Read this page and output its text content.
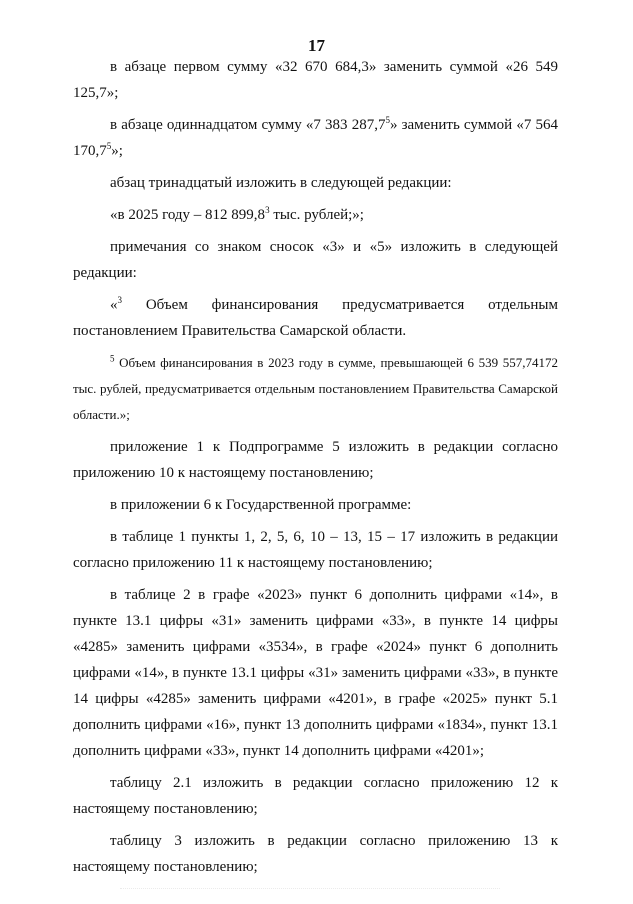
17

в абзаце первом сумму «32 670 684,3» заменить суммой «26 549 125,7»;

в абзаце одиннадцатом сумму «7 383 287,7$^5$» заменить суммой «7 564 170,7$^5$»;

абзац тринадцатый изложить в следующей редакции:

«в 2025 году – 812 899,8$^3$ тыс. рублей;»;

примечания со знаком сносок «3» и «5» изложить в следующей редакции:

«$^3$ Объем финансирования предусматривается отдельным постановлением Правительства Самарской области.

$^5$ Объем финансирования в 2023 году в сумме, превышающей 6 539 557,74172 тыс. рублей, предусматривается отдельным постановлением Правительства Самарской области.»;

приложение 1 к Подпрограмме 5 изложить в редакции согласно приложению 10 к настоящему постановлению;

в приложении 6 к Государственной программе:

в таблице 1 пункты 1, 2, 5, 6, 10 – 13, 15 – 17 изложить в редакции согласно приложению 11 к настоящему постановлению;

в таблице 2 в графе «2023» пункт 6 дополнить цифрами «14», в пункте 13.1 цифры «31» заменить цифрами «33», в пункте 14 цифры «4285» заменить цифрами «3534», в графе «2024» пункт 6 дополнить цифрами «14», в пункте 13.1 цифры «31» заменить цифрами «33», в пункте 14 цифры «4285» заменить цифрами «4201», в графе «2025» пункт 5.1 дополнить цифрами «16», пункт 13 дополнить цифрами «1834», пункт 13.1 дополнить цифрами «33», пункт 14 дополнить цифрами «4201»;

таблицу 2.1 изложить в редакции согласно приложению 12 к настоящему постановлению;

таблицу 3 изложить в редакции согласно приложению 13 к настоящему постановлению;
